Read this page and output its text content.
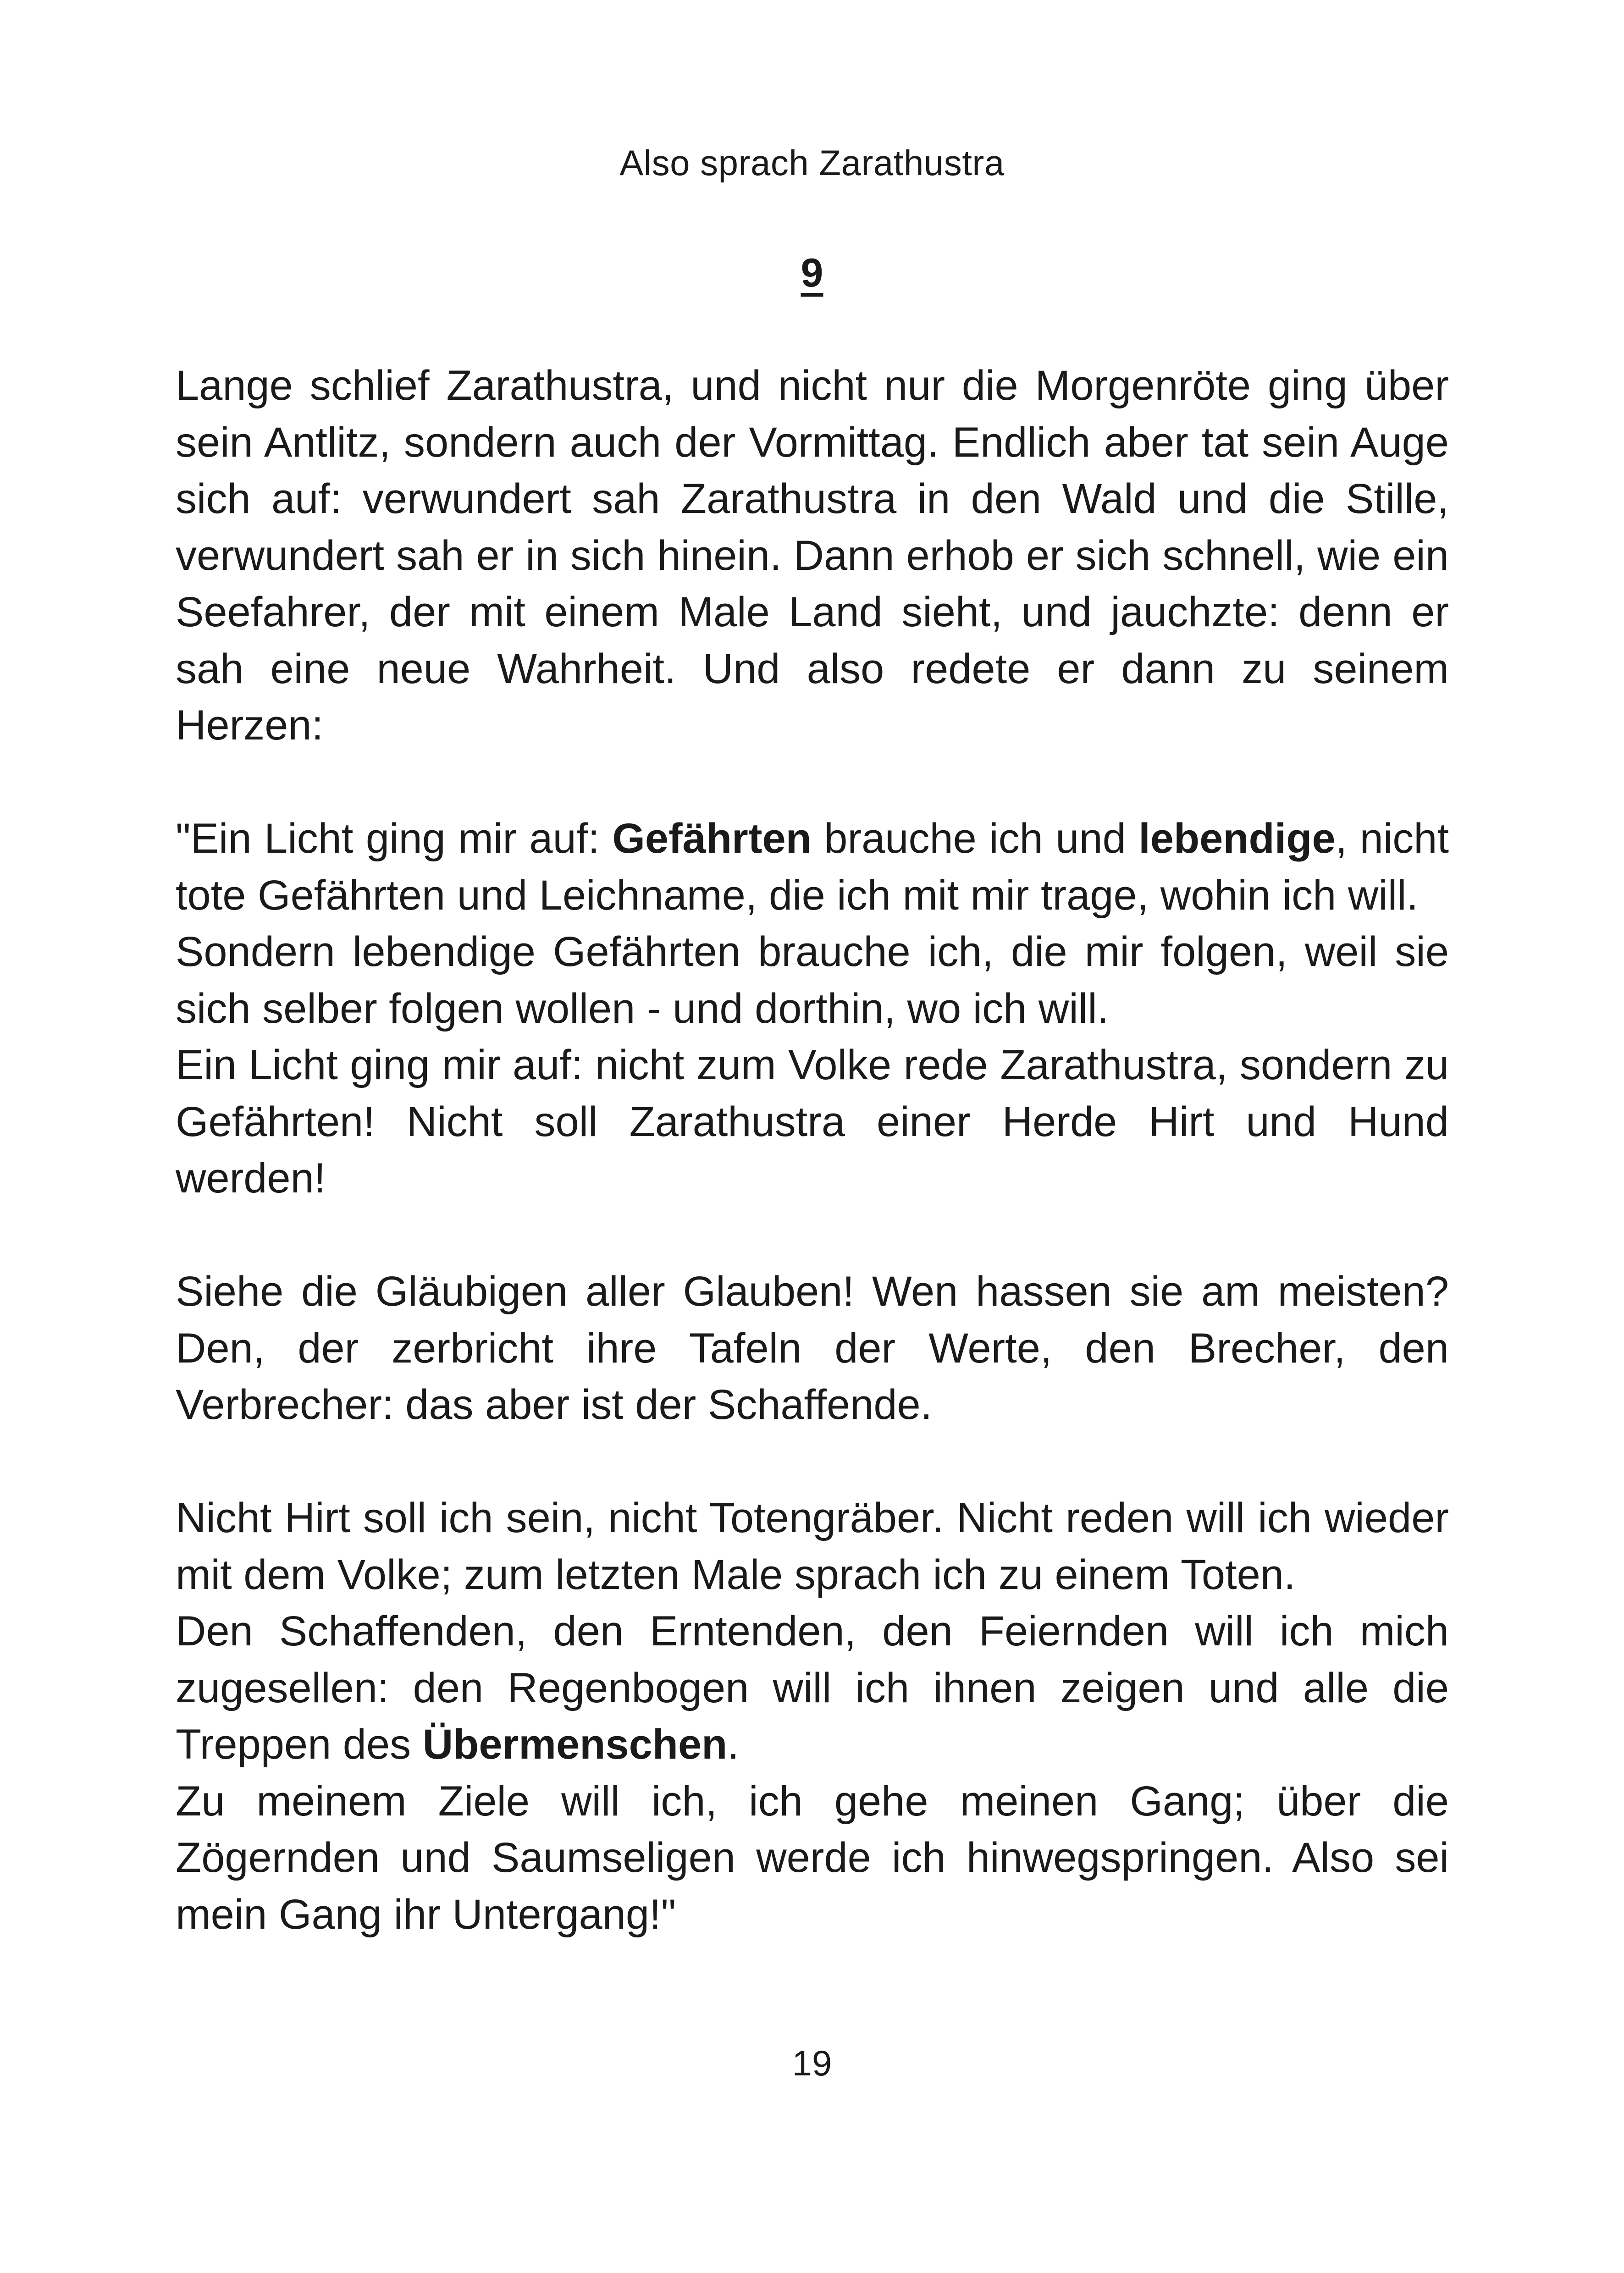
Also sprach Zarathustra
9

Lange schlief Zarathustra, und nicht nur die Morgenröte ging über sein Antlitz, sondern auch der Vormittag. Endlich aber tat sein Auge sich auf: verwundert sah Zarathustra in den Wald und die Stille, verwundert sah er in sich hinein. Dann erhob er sich schnell, wie ein Seefahrer, der mit einem Male Land sieht, und jauchzte: denn er sah eine neue Wahrheit. Und also redete er dann zu seinem Herzen:

"Ein Licht ging mir auf: Gefährten brauche ich und lebendige, nicht tote Gefährten und Leichname, die ich mit mir trage, wohin ich will.

Sondern lebendige Gefährten brauche ich, die mir folgen, weil sie sich selber folgen wollen - und dorthin, wo ich will.

Ein Licht ging mir auf: nicht zum Volke rede Zarathustra, sondern zu Gefährten! Nicht soll Zarathustra einer Herde Hirt und Hund werden!

Siehe die Gläubigen aller Glauben! Wen hassen sie am meisten? Den, der zerbricht ihre Tafeln der Werte, den Brecher, den Verbrecher: das aber ist der Schaffende.

Nicht Hirt soll ich sein, nicht Totengräber. Nicht reden will ich wieder mit dem Volke; zum letzten Male sprach ich zu einem Toten.

Den Schaffenden, den Erntenden, den Feiernden will ich mich zugesellen: den Regenbogen will ich ihnen zeigen und alle die Treppen des Übermenschen.

Zu meinem Ziele will ich, ich gehe meinen Gang; über die Zögernden und Saumseligen werde ich hinwegspringen. Also sei mein Gang ihr Untergang!"

19
